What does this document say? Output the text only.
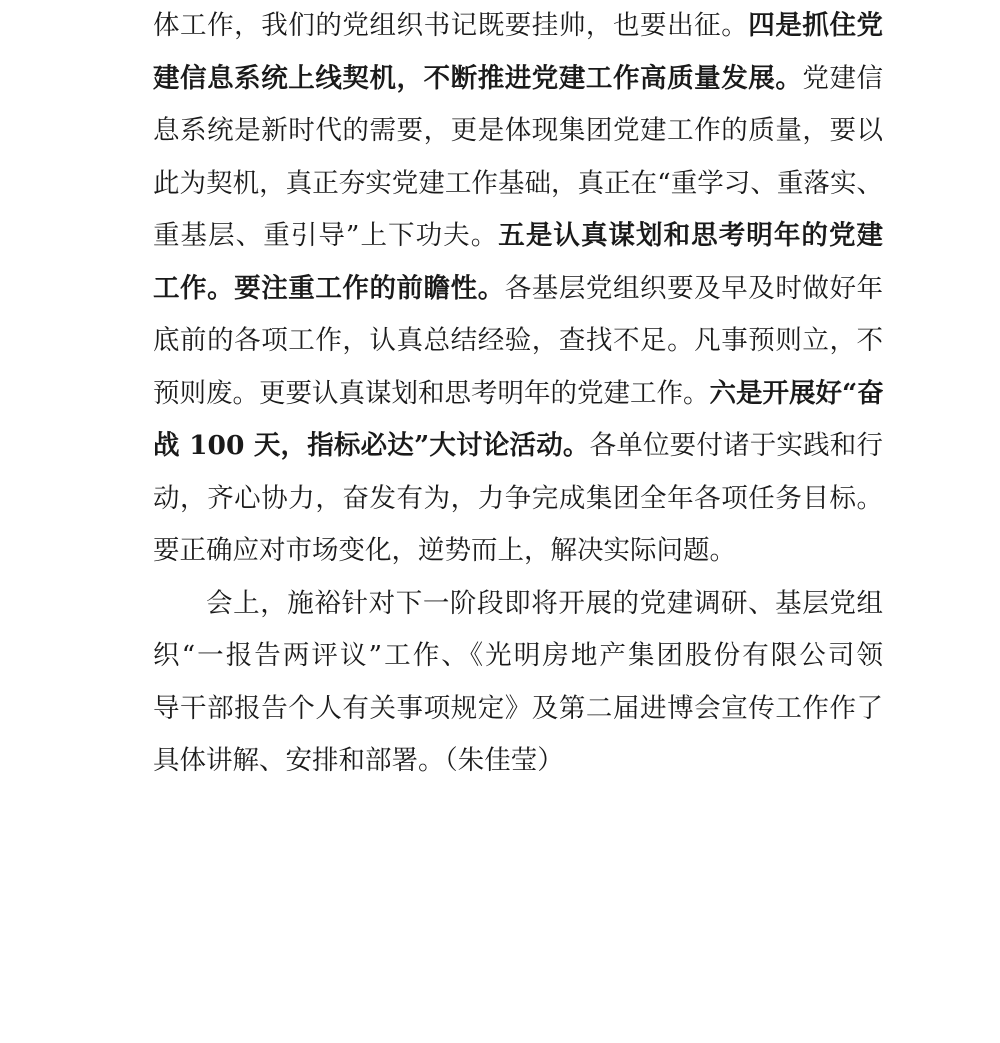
体工作，我们的党组织书记既要挂帅，也要出征。四是抓住党
建信息系统上线契机，不断推进党建工作高质量发展。党建信
息系统是新时代的需要，更是体现集团党建工作的质量，要以
此为契机，真正夯实党建工作基础，真正在“重学习、重落实、
重基层、重引导”上下功夫。五是认真谋划和思考明年的党建
工作。要注重工作的前瞻性。各基层党组织要及早及时做好年
底前的各项工作，认真总结经验，查找不足。凡事预则立，不
预则废。更要认真谋划和思考明年的党建工作。六是开展好“奋
战 100 天，指标必达”大讨论活动。各单位要付诸于实践和行
动，齐心协力，奋发有为，力争完成集团全年各项任务目标。
要正确应对市场变化，逆势而上，解决实际问题。
会上，施裕针对下一阶段即将开展的党建调研、基层党组
织“一报告两评议”工作、《光明房地产集团股份有限公司领
导干部报告个人有关事项规定》及第二届进博会宣传工作作了
具体讲解、安排和部署。（朱佳莹）
